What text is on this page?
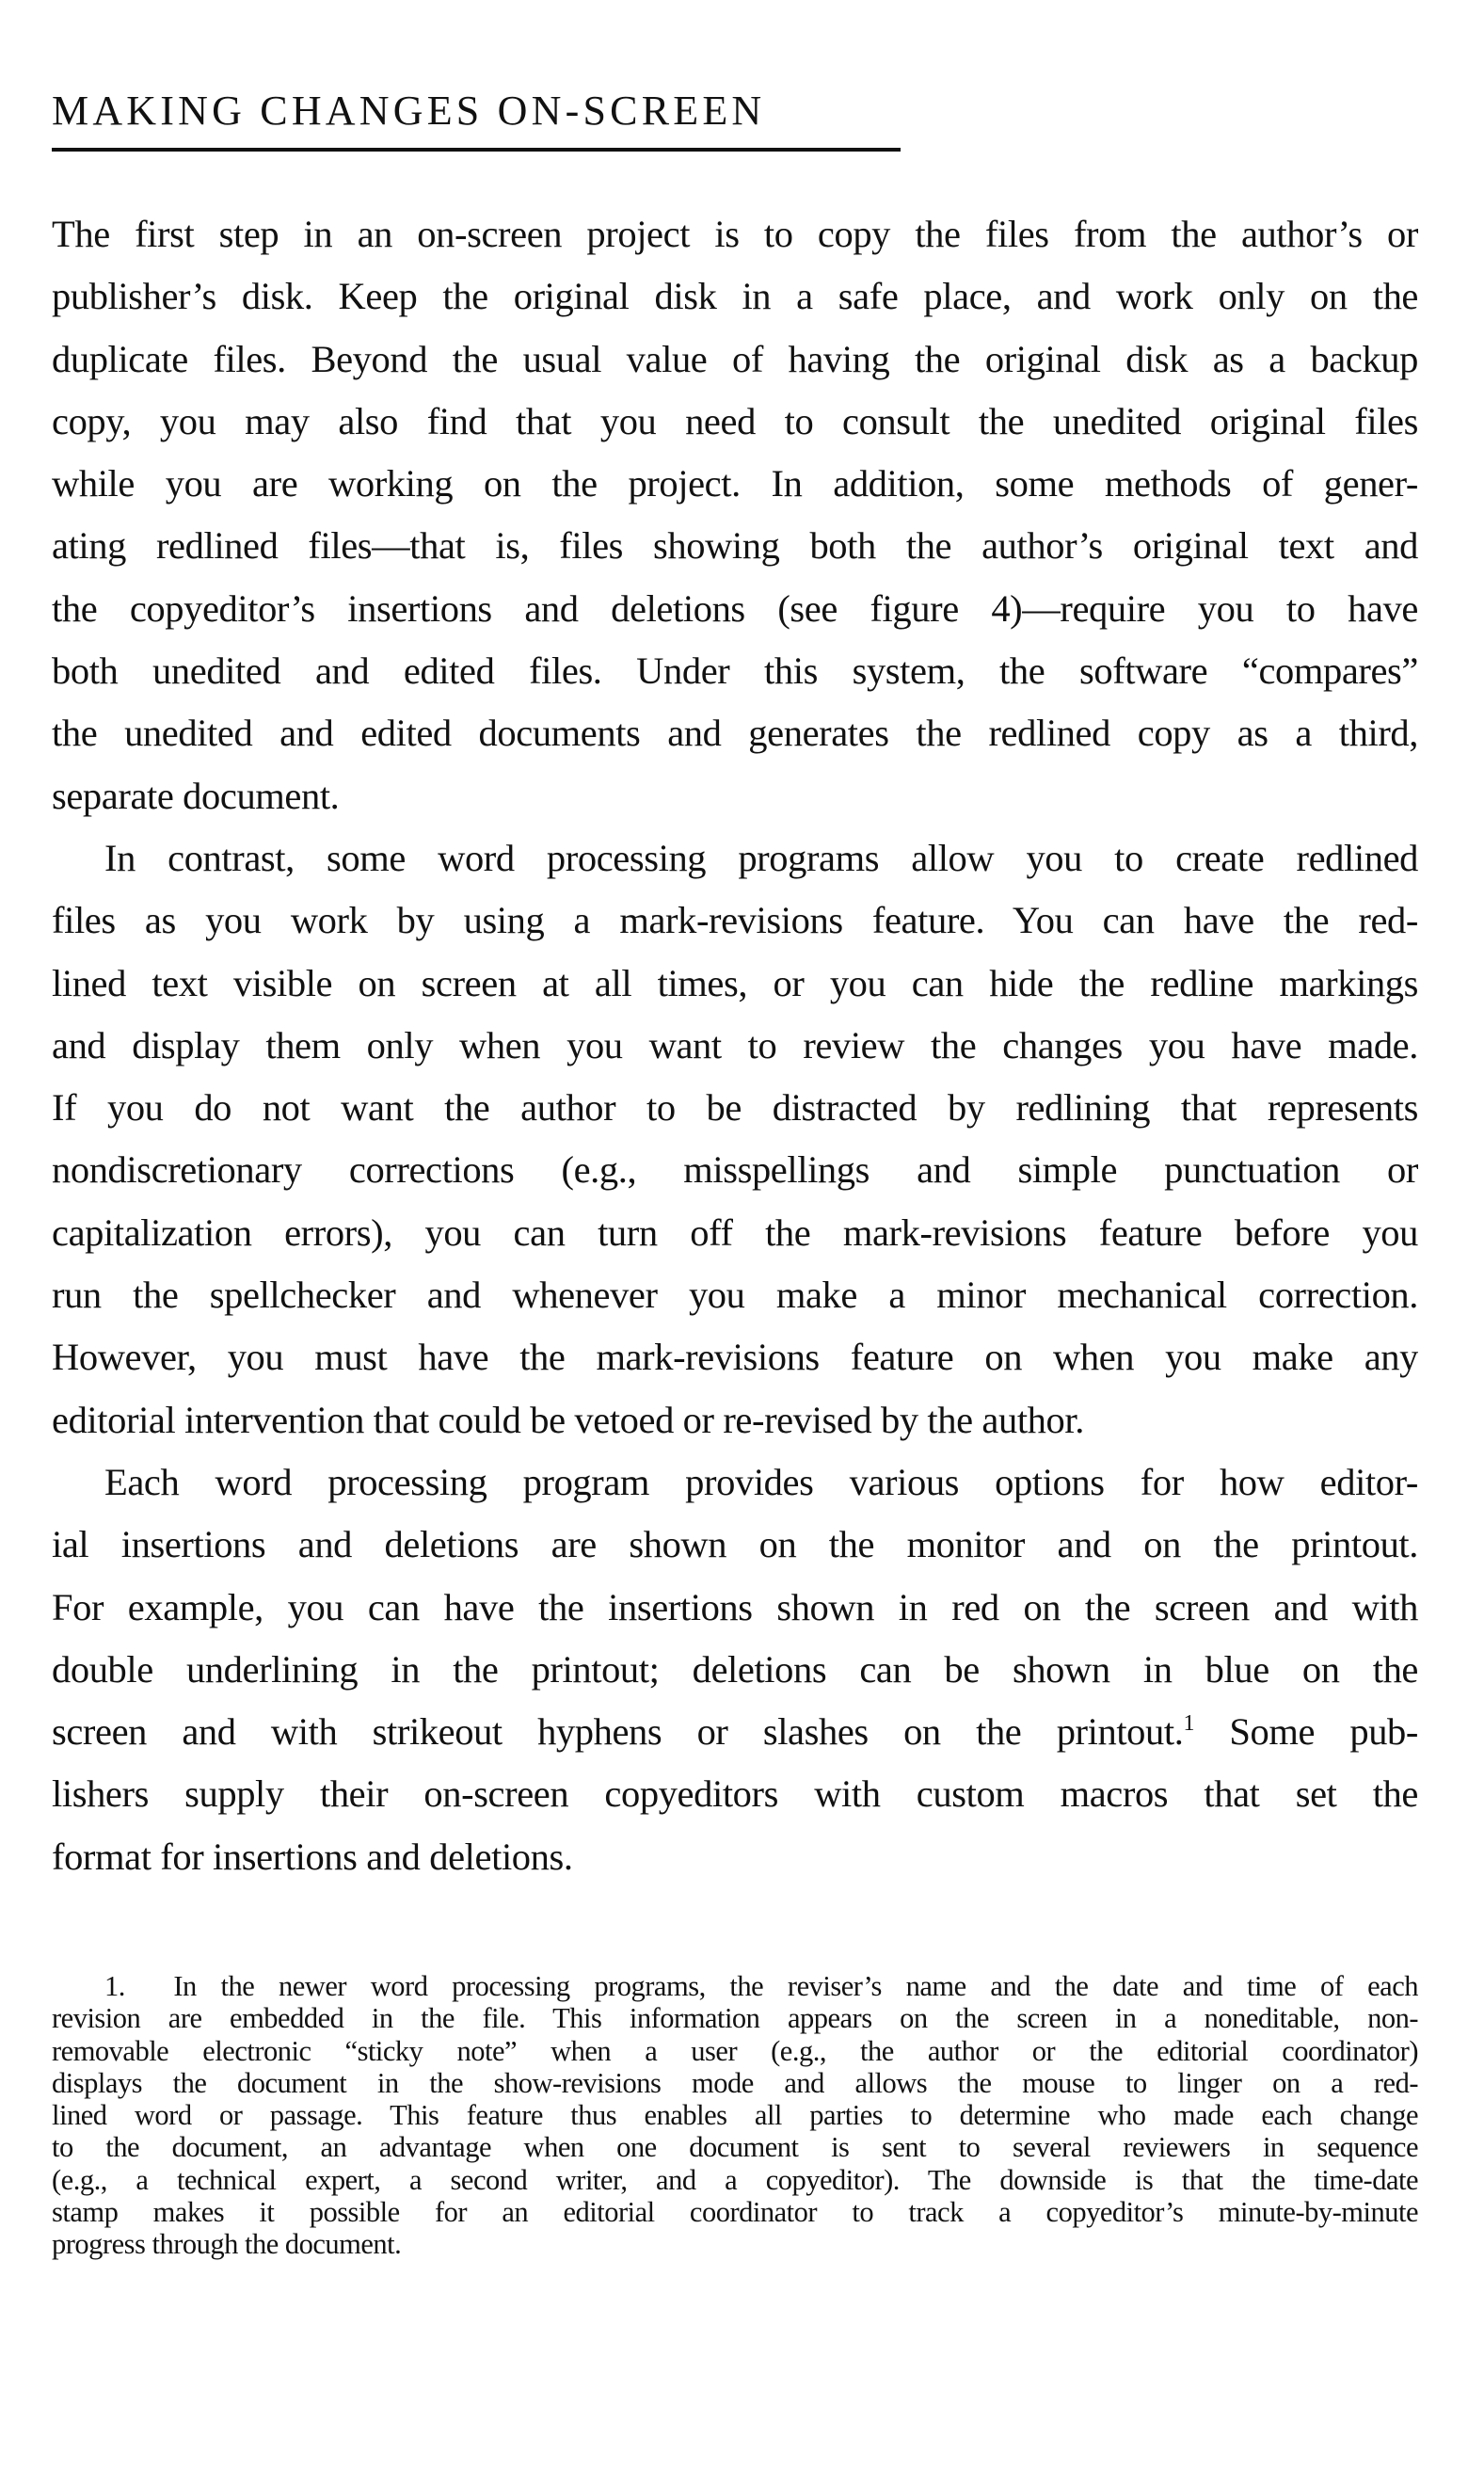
MAKING CHANGES ON-SCREEN
The first step in an on-screen project is to copy the files from the author’s or
publisher’s disk. Keep the original disk in a safe place, and work only on the
duplicate files. Beyond the usual value of having the original disk as a backup
copy, you may also find that you need to consult the unedited original files
while you are working on the project. In addition, some methods of gener-
ating redlined files—that is, files showing both the author’s original text and
the copyeditor’s insertions and deletions (see figure 4)—require you to have
both unedited and edited files. Under this system, the software “compares”
the unedited and edited documents and generates the redlined copy as a third,
separate document.
In contrast, some word processing programs allow you to create redlined
files as you work by using a mark-revisions feature. You can have the red-
lined text visible on screen at all times, or you can hide the redline markings
and display them only when you want to review the changes you have made.
If you do not want the author to be distracted by redlining that represents
nondiscretionary corrections (e.g., misspellings and simple punctuation or
capitalization errors), you can turn off the mark-revisions feature before you
run the spellchecker and whenever you make a minor mechanical correction.
However, you must have the mark-revisions feature on when you make any
editorial intervention that could be vetoed or re-revised by the author.
Each word processing program provides various options for how editor-
ial insertions and deletions are shown on the monitor and on the printout.
For example, you can have the insertions shown in red on the screen and with
double underlining in the printout; deletions can be shown in blue on the
screen and with strikeout hyphens or slashes on the printout.$^1$ Some pub-
lishers supply their on-screen copyeditors with custom macros that set the
format for insertions and deletions.
1. In the newer word processing programs, the reviser’s name and the date and time of each
revision are embedded in the file. This information appears on the screen in a noneditable, non-
removable electronic “sticky note” when a user (e.g., the author or the editorial coordinator)
displays the document in the show-revisions mode and allows the mouse to linger on a red-
lined word or passage. This feature thus enables all parties to determine who made each change
to the document, an advantage when one document is sent to several reviewers in sequence
(e.g., a technical expert, a second writer, and a copyeditor). The downside is that the time-date
stamp makes it possible for an editorial coordinator to track a copyeditor’s minute-by-minute
progress through the document.
